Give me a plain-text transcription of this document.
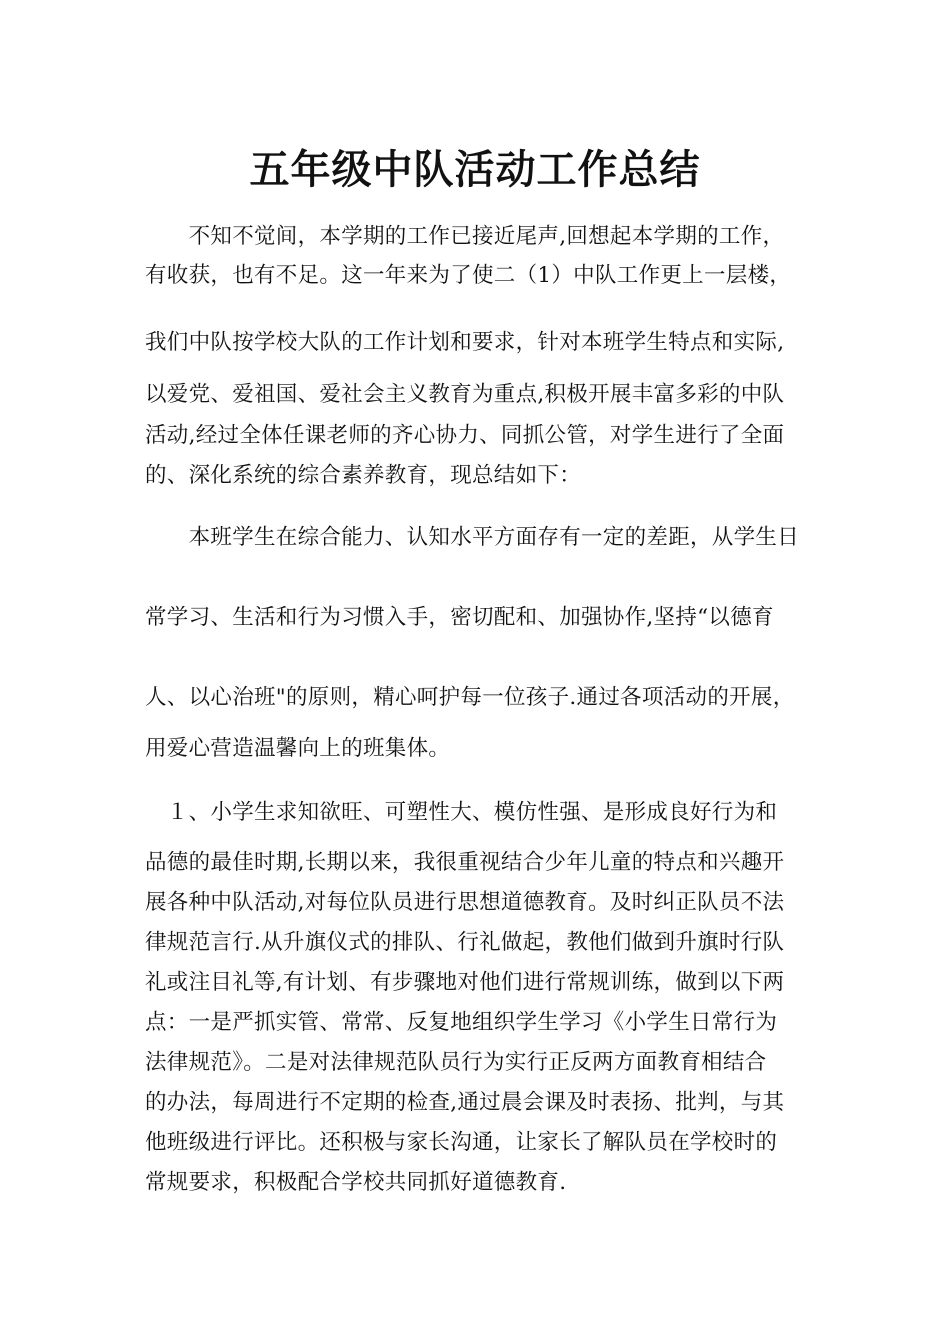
五年级中队活动工作总结
　　不知不觉间，本学期的工作已接近尾声,回想起本学期的工作，
有收获，也有不足。这一年来为了使二（1）中队工作更上一层楼，
我们中队按学校大队的工作计划和要求，针对本班学生特点和实际,
以爱党、爱祖国、爱社会主义教育为重点,积极开展丰富多彩的中队
活动,经过全体任课老师的齐心协力、同抓公管，对学生进行了全面
的、深化系统的综合素养教育，现总结如下：
　　本班学生在综合能力、认知水平方面存有一定的差距，从学生日
常学习、生活和行为习惯入手，密切配和、加强协作,坚持“以德育
人、以心治班"的原则，精心呵护每一位孩子.通过各项活动的开展，
用爱心营造温馨向上的班集体。
　１、小学生求知欲旺、可塑性大、模仿性强、是形成良好行为和
品德的最佳时期,长期以来，我很重视结合少年儿童的特点和兴趣开
展各种中队活动,对每位队员进行思想道德教育。及时纠正队员不法
律规范言行.从升旗仪式的排队、行礼做起，教他们做到升旗时行队
礼或注目礼等,有计划、有步骤地对他们进行常规训练，做到以下两
点：一是严抓实管、常常、反复地组织学生学习《小学生日常行为
法律规范》。二是对法律规范队员行为实行正反两方面教育相结合
的办法，每周进行不定期的检查,通过晨会课及时表扬、批判，与其
他班级进行评比。还积极与家长沟通，让家长了解队员在学校时的
常规要求，积极配合学校共同抓好道德教育.
